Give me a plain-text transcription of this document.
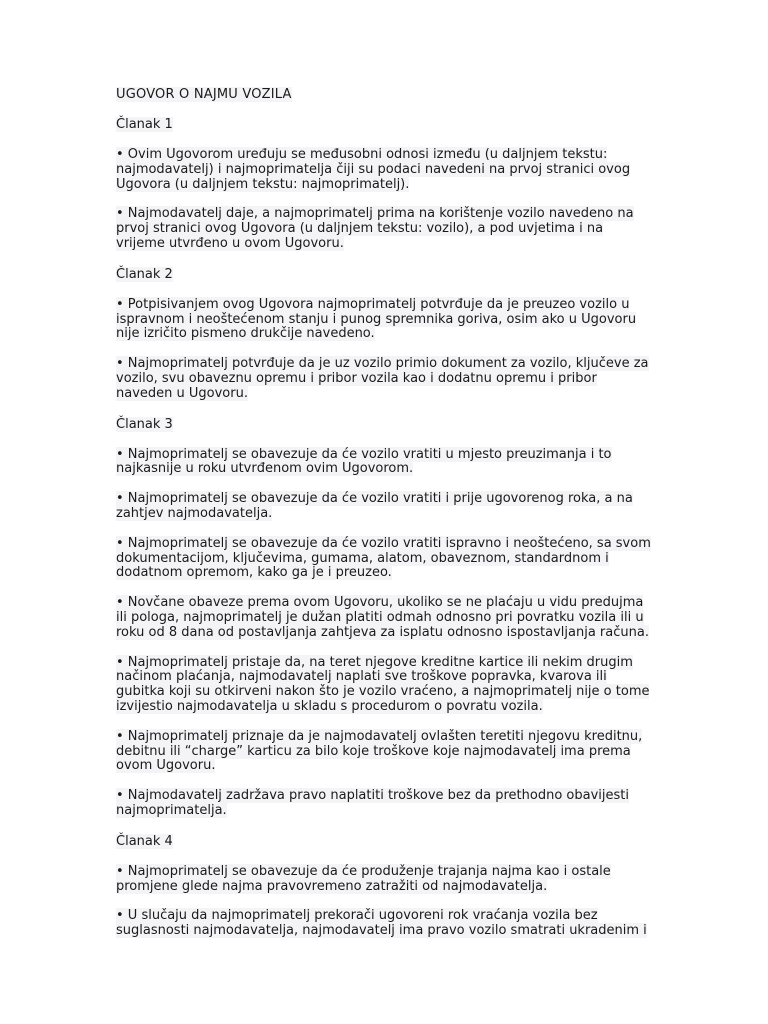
UGOVOR O NAJMU VOZILA

Članak 1

• Ovim Ugovorom uređuju se međusobni odnosi između (u daljnjem tekstu: najmodavatelj) i najmoprimatelja čiji su podaci navedeni na prvoj stranici ovog Ugovora (u daljnjem tekstu: najmoprimatelj).

• Najmodavatelj daje, a najmoprimatelj prima na korištenje vozilo navedeno na prvoj stranici ovog Ugovora (u daljnjem tekstu: vozilo), a pod uvjetima i na vrijeme utvrđeno u ovom Ugovoru.

Članak 2

• Potpisivanjem ovog Ugovora najmoprimatelj potvrđuje da je preuzeo vozilo u ispravnom i neoštećenom stanju i punog spremnika goriva, osim ako u Ugovoru nije izričito pismeno drukčije navedeno.

• Najmoprimatelj potvrđuje da je uz vozilo primio dokument za vozilo, ključeve za vozilo, svu obaveznu opremu i pribor vozila kao i dodatnu opremu i pribor naveden u Ugovoru.

Članak 3

• Najmoprimatelj se obavezuje da će vozilo vratiti u mjesto preuzimanja i to najkasnije u roku utvrđenom ovim Ugovorom.

• Najmoprimatelj se obavezuje da će vozilo vratiti i prije ugovorenog roka, a na zahtjev najmodavatelja.

• Najmoprimatelj se obavezuje da će vozilo vratiti ispravno i neoštećeno, sa svom dokumentacijom, ključevima, gumama, alatom, obaveznom, standardnom i dodatnom opremom, kako ga je i preuzeo.

• Novčane obaveze prema ovom Ugovoru, ukoliko se ne plaćaju u vidu predujma ili pologa, najmoprimatelj je dužan platiti odmah odnosno pri povratku vozila ili u roku od 8 dana od postavljanja zahtjeva za isplatu odnosno ispostavljanja računa.

• Najmoprimatelj pristaje da, na teret njegove kreditne kartice ili nekim drugim načinom plaćanja, najmodavatelj naplati sve troškove popravka, kvarova ili gubitka koji su otkirveni nakon što je vozilo vraćeno, a najmoprimatelj nije o tome izvijestio najmodavatelja u skladu s procedurom o povratu vozila.

• Najmoprimatelj priznaje da je najmodavatelj ovlašten teretiti njegovu kreditnu, debitnu ili “charge” karticu za bilo koje troškove koje najmodavatelj ima prema ovom Ugovoru.

• Najmodavatelj zadržava pravo naplatiti troškove bez da prethodno obavijesti najmoprimatelja.

Članak 4

• Najmoprimatelj se obavezuje da će produženje trajanja najma kao i ostale promjene glede najma pravovremeno zatražiti od najmodavatelja.

• U slučaju da najmoprimatelj prekorači ugovoreni rok vraćanja vozila bez suglasnosti najmodavatelja, najmodavatelj ima pravo vozilo smatrati ukradenim i
